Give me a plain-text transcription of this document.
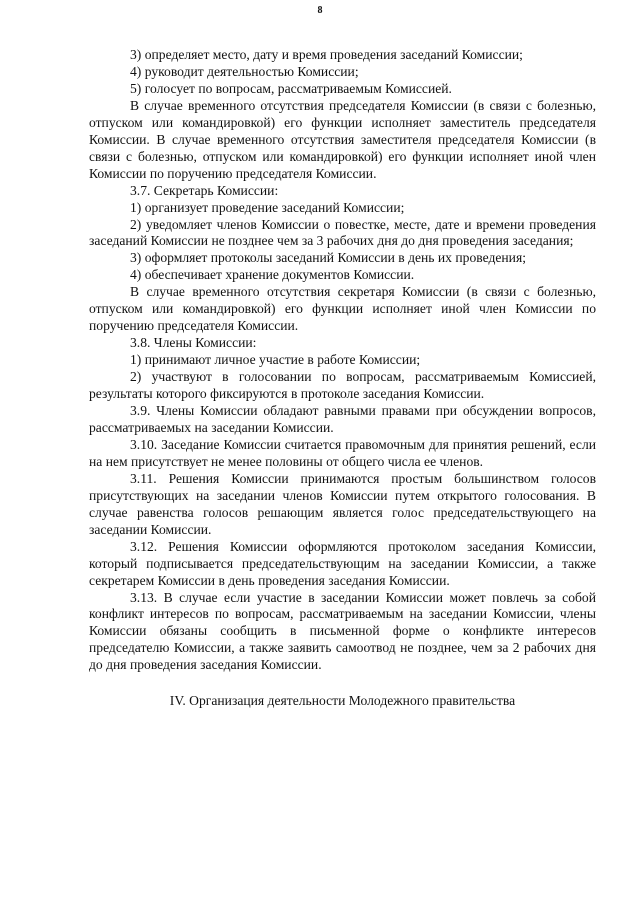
8

3) определяет место, дату и время проведения заседаний Комиссии;

4) руководит деятельностью Комиссии;

5) голосует по вопросам, рассматриваемым Комиссией.

В случае временного отсутствия председателя Комиссии (в связи с болезнью, отпуском или командировкой) его функции исполняет заместитель председателя Комиссии. В случае временного отсутствия заместителя председателя Комиссии (в связи с болезнью, отпуском или командировкой) его функции исполняет иной член Комиссии по поручению председателя Комиссии.

3.7. Секретарь Комиссии:

1) организует проведение заседаний Комиссии;

2) уведомляет членов Комиссии о повестке, месте, дате и времени проведения заседаний Комиссии не позднее чем за 3 рабочих дня до дня проведения заседания;

3) оформляет протоколы заседаний Комиссии в день их проведения;

4) обеспечивает хранение документов Комиссии.

В случае временного отсутствия секретаря Комиссии (в связи с болезнью, отпуском или командировкой) его функции исполняет иной член Комиссии по поручению председателя Комиссии.

3.8. Члены Комиссии:

1) принимают личное участие в работе Комиссии;

2) участвуют в голосовании по вопросам, рассматриваемым Комиссией, результаты которого фиксируются в протоколе заседания Комиссии.

3.9. Члены Комиссии обладают равными правами при обсуждении вопросов, рассматриваемых на заседании Комиссии.

3.10. Заседание Комиссии считается правомочным для принятия решений, если на нем присутствует не менее половины от общего числа ее членов.

3.11. Решения Комиссии принимаются простым большинством голосов присутствующих на заседании членов Комиссии путем открытого голосования. В случае равенства голосов решающим является голос председательствующего на заседании Комиссии.

3.12. Решения Комиссии оформляются протоколом заседания Комиссии, который подписывается председательствующим на заседании Комиссии, а также секретарем Комиссии в день проведения заседания Комиссии.

3.13. В случае если участие в заседании Комиссии может повлечь за собой конфликт интересов по вопросам, рассматриваемым на заседании Комиссии, члены Комиссии обязаны сообщить в письменной форме о конфликте интересов председателю Комиссии, а также заявить самоотвод не позднее, чем за 2 рабочих дня до дня проведения заседания Комиссии.

IV. Организация деятельности Молодежного правительства
